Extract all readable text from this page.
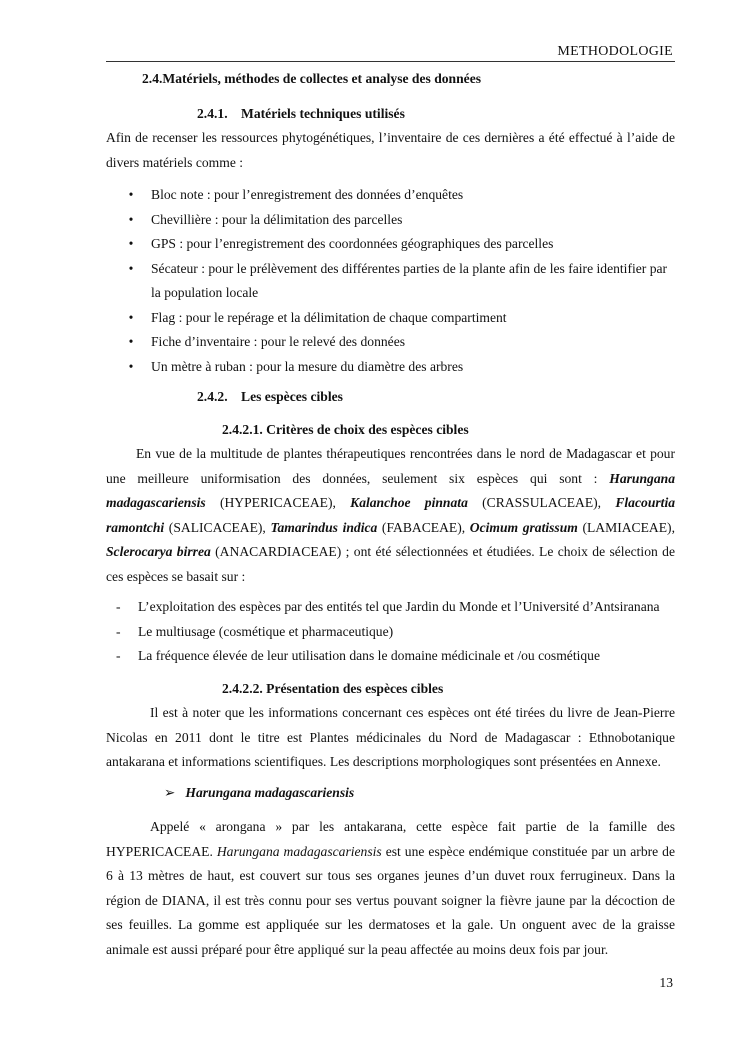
METHODOLOGIE
2.4.Matériels, méthodes de collectes et analyse des données
2.4.1. Matériels techniques utilisés

Afin de recenser les ressources phytogénétiques, l’inventaire de ces dernières a été effectué à l’aide de divers matériels comme :

• Bloc note : pour l’enregistrement des données d’enquêtes
• Chevillière : pour la délimitation des parcelles
• GPS : pour l’enregistrement des coordonnées géographiques des parcelles
• Sécateur : pour le prélèvement des différentes parties de la plante afin de les faire identifier par la population locale
• Flag : pour le repérage et la délimitation de chaque compartiment
• Fiche d’inventaire : pour le relevé des données
• Un mètre à ruban : pour la mesure du diamètre des arbres
2.4.2. Les espèces cibles
2.4.2.1. Critères de choix des espèces cibles

En vue de la multitude de plantes thérapeutiques rencontrées dans le nord de Madagascar et pour une meilleure uniformisation des données, seulement six espèces qui sont : Harungana madagascariensis (HYPERICACEAE), Kalanchoe pinnata (CRASSULACEAE), Flacourtia ramontchi (SALICACEAE), Tamarindus indica (FABACEAE), Ocimum gratissum (LAMIACEAE), Sclerocarya birrea (ANACARDIACEAE) ; ont été sélectionnées et étudiées. Le choix de sélection de ces espèces se basait sur :

- L’exploitation des espèces par des entités tel que Jardin du Monde et l’Université d’Antsiranana
- Le multiusage (cosmétique et pharmaceutique)
- La fréquence élevée de leur utilisation dans le domaine médicinale et /ou cosmétique
2.4.2.2. Présentation des espèces cibles

Il est à noter que les informations concernant ces espèces ont été tirées du livre de Jean-Pierre Nicolas en 2011 dont le titre est Plantes médicinales du Nord de Madagascar : Ethnobotanique antakarana et informations scientifiques. Les descriptions morphologiques sont présentées en Annexe.

➢ Harungana madagascariensis

Appelé « arongana » par les antakarana, cette espèce fait partie de la famille des HYPERICACEAE. Harungana madagascariensis est une espèce endémique constituée par un arbre de 6 à 13 mètres de haut, est couvert sur tous ses organes jeunes d’un duvet roux ferrugineux. Dans la région de DIANA, il est très connu pour ses vertus pouvant soigner la fièvre jaune par la décoction de ses feuilles. La gomme est appliquée sur les dermatoses et la gale. Un onguent avec de la graisse animale est aussi préparé pour être appliqué sur la peau affectée au moins deux fois par jour.

13
